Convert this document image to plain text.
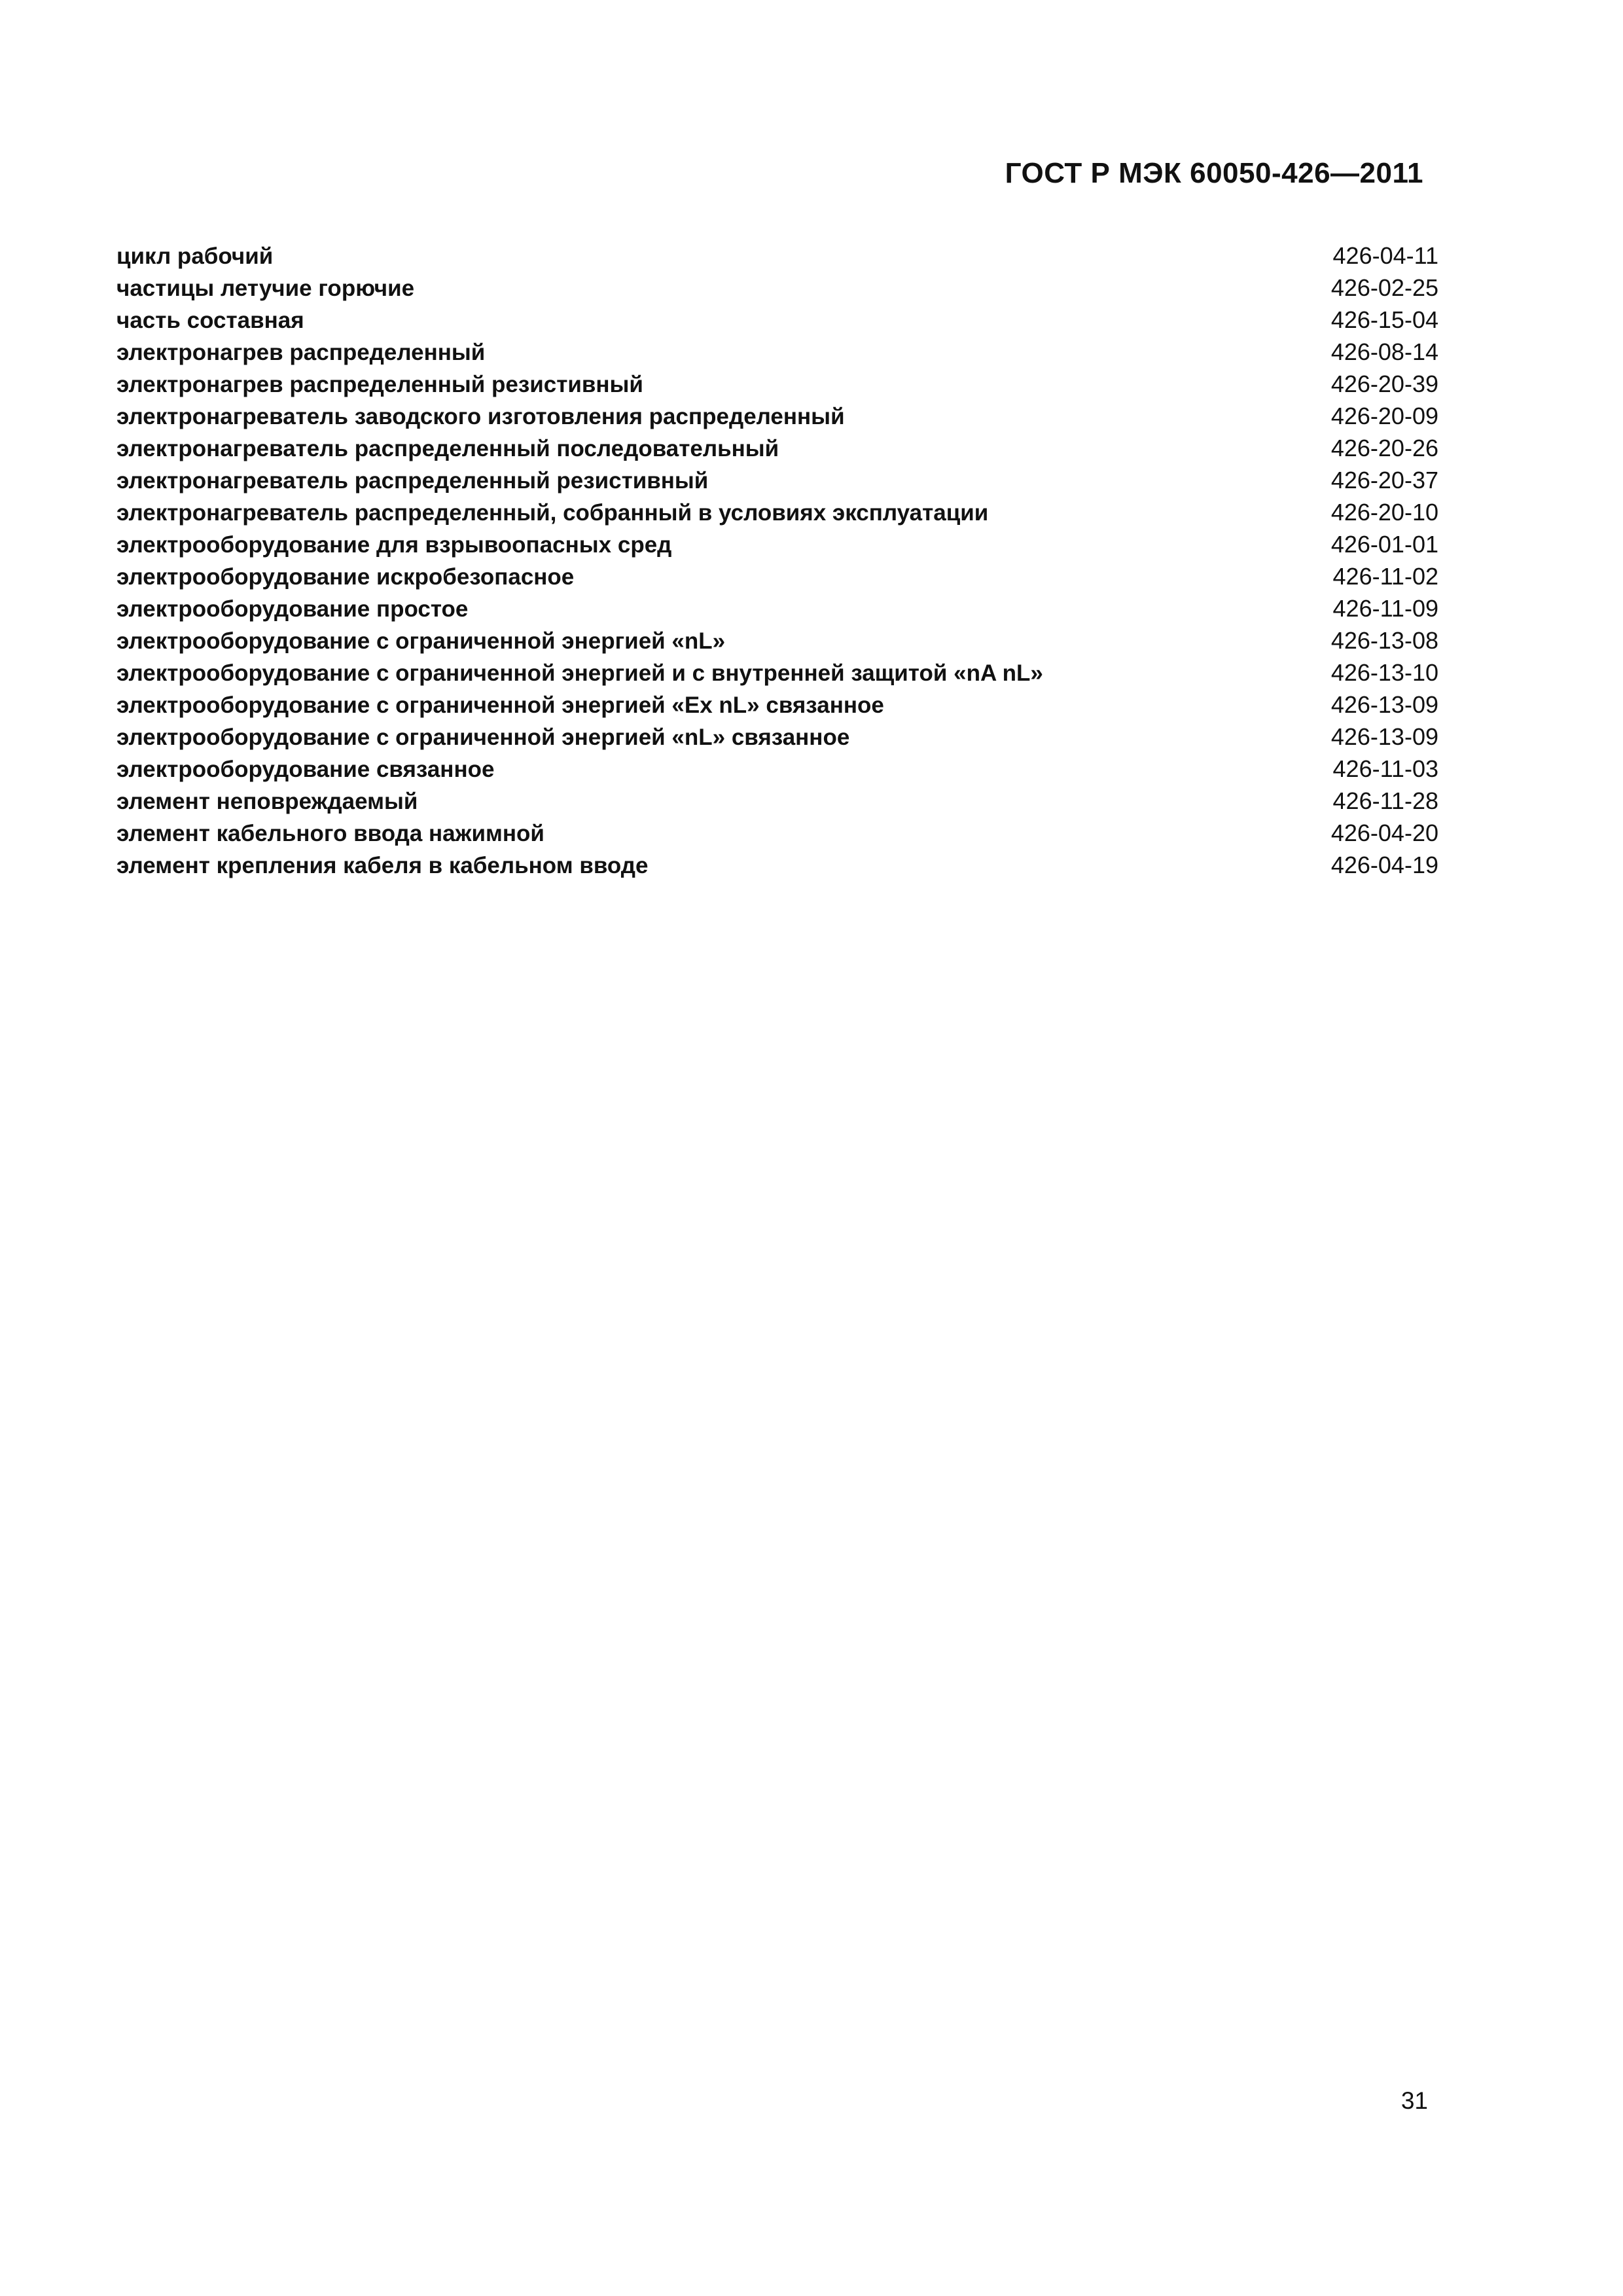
ГОСТ Р МЭК 60050-426—2011
цикл рабочий	426-04-11
частицы летучие горючие	426-02-25
часть составная	426-15-04
электронагрев распределенный	426-08-14
электронагрев распределенный резистивный	426-20-39
электронагреватель заводского изготовления распределенный	426-20-09
электронагреватель распределенный последовательный	426-20-26
электронагреватель распределенный резистивный	426-20-37
электронагреватель распределенный, собранный в условиях эксплуатации	426-20-10
электрооборудование для взрывоопасных сред	426-01-01
электрооборудование искробезопасное	426-11-02
электрооборудование простое	426-11-09
электрооборудование с ограниченной энергией «nL»	426-13-08
электрооборудование с ограниченной энергией и с внутренней защитой «nA nL»	426-13-10
электрооборудование с ограниченной энергией «Ex nL» связанное	426-13-09
электрооборудование с ограниченной энергией «nL» связанное	426-13-09
электрооборудование связанное	426-11-03
элемент неповреждаемый	426-11-28
элемент кабельного ввода нажимной	426-04-20
элемент крепления кабеля в кабельном вводе	426-04-19
31
